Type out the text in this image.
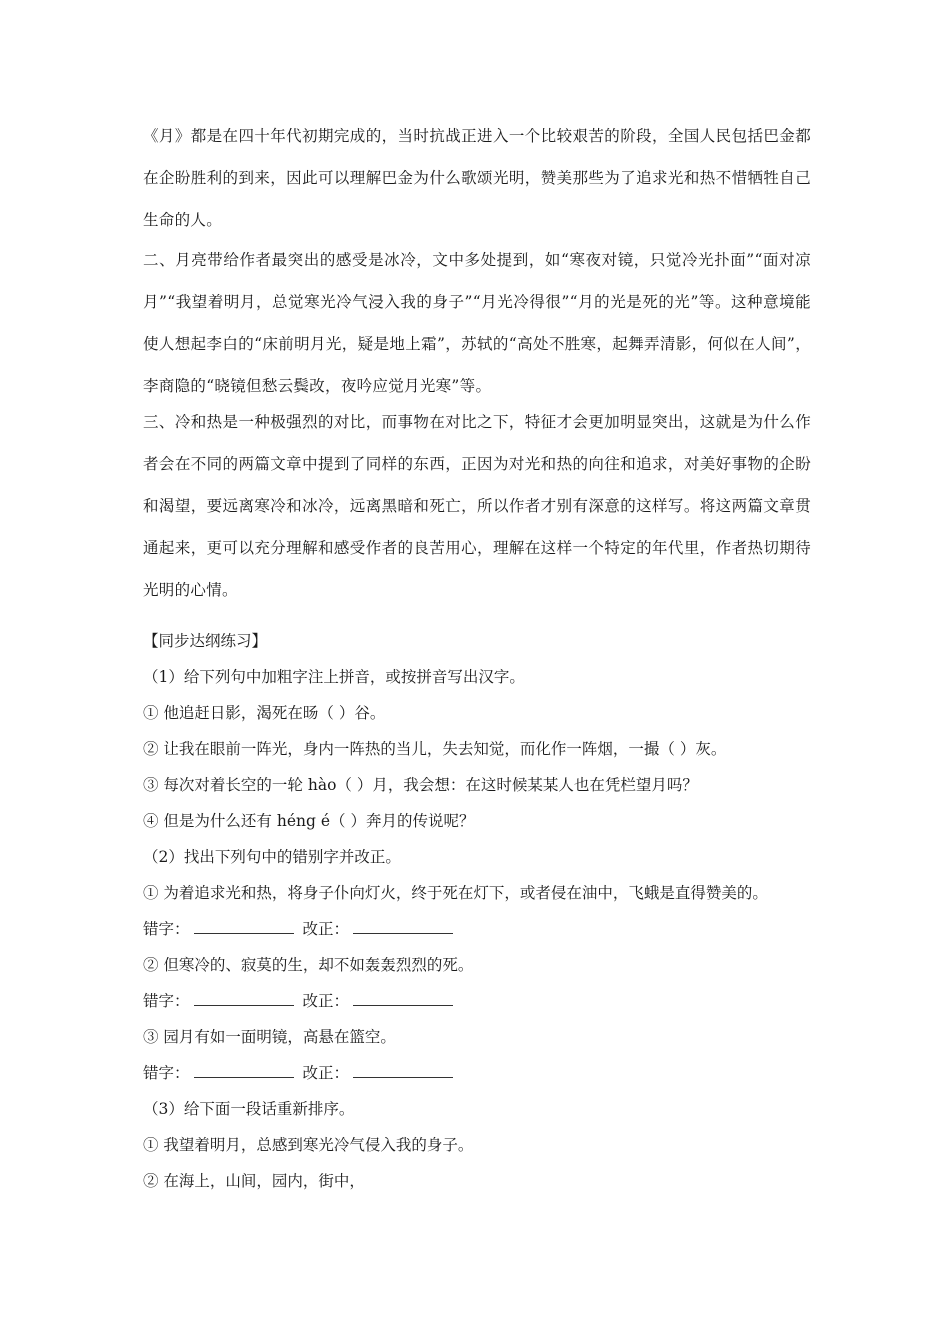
《月》都是在四十年代初期完成的，当时抗战正进入一个比较艰苦的阶段，全国人民包括巴金都在企盼胜利的到来，因此可以理解巴金为什么歌颂光明，赞美那些为了追求光和热不惜牺牲自己生命的人。

二、月亮带给作者最突出的感受是冰冷，文中多处提到，如“寒夜对镜，只觉冷光扑面”“面对凉月”“我望着明月，总觉寒光冷气浸入我的身子”“月光冷得很”“月的光是死的光”等。这种意境能使人想起李白的“床前明月光，疑是地上霜”，苏轼的“高处不胜寒，起舞弄清影，何似在人间”，李商隐的“晓镜但愁云鬓改，夜吟应觉月光寒”等。

三、冷和热是一种极强烈的对比，而事物在对比之下，特征才会更加明显突出，这就是为什么作者会在不同的两篇文章中提到了同样的东西，正因为对光和热的向往和追求，对美好事物的企盼和渴望，要远离寒冷和冰冷，远离黑暗和死亡，所以作者才别有深意的这样写。将这两篇文章贯通起来，更可以充分理解和感受作者的良苦用心，理解在这样一个特定的年代里，作者热切期待光明的心情。

【同步达纲练习】

（1）给下列句中加粗字注上拼音，或按拼音写出汉字。

① 他追赶日影，渴死在旸（ ）谷。

② 让我在眼前一阵光，身内一阵热的当儿，失去知觉，而化作一阵烟，一撮（ ）灰。

③ 每次对着长空的一轮 hào（ ）月，我会想：在这时候某某人也在凭栏望月吗？

④ 但是为什么还有 héng é（ ）奔月的传说呢？

（2）找出下列句中的错别字并改正。

① 为着追求光和热，将身子仆向灯火，终于死在灯下，或者侵在油中，飞蛾是直得赞美的。

错字：	改正：

② 但寒冷的、寂莫的生，却不如轰轰烈烈的死。

错字：	改正：

③ 园月有如一面明镜，高悬在篮空。

错字：	改正：

（3）给下面一段话重新排序。

① 我望着明月，总感到寒光冷气侵入我的身子。

② 在海上，山间，园内，街中，
